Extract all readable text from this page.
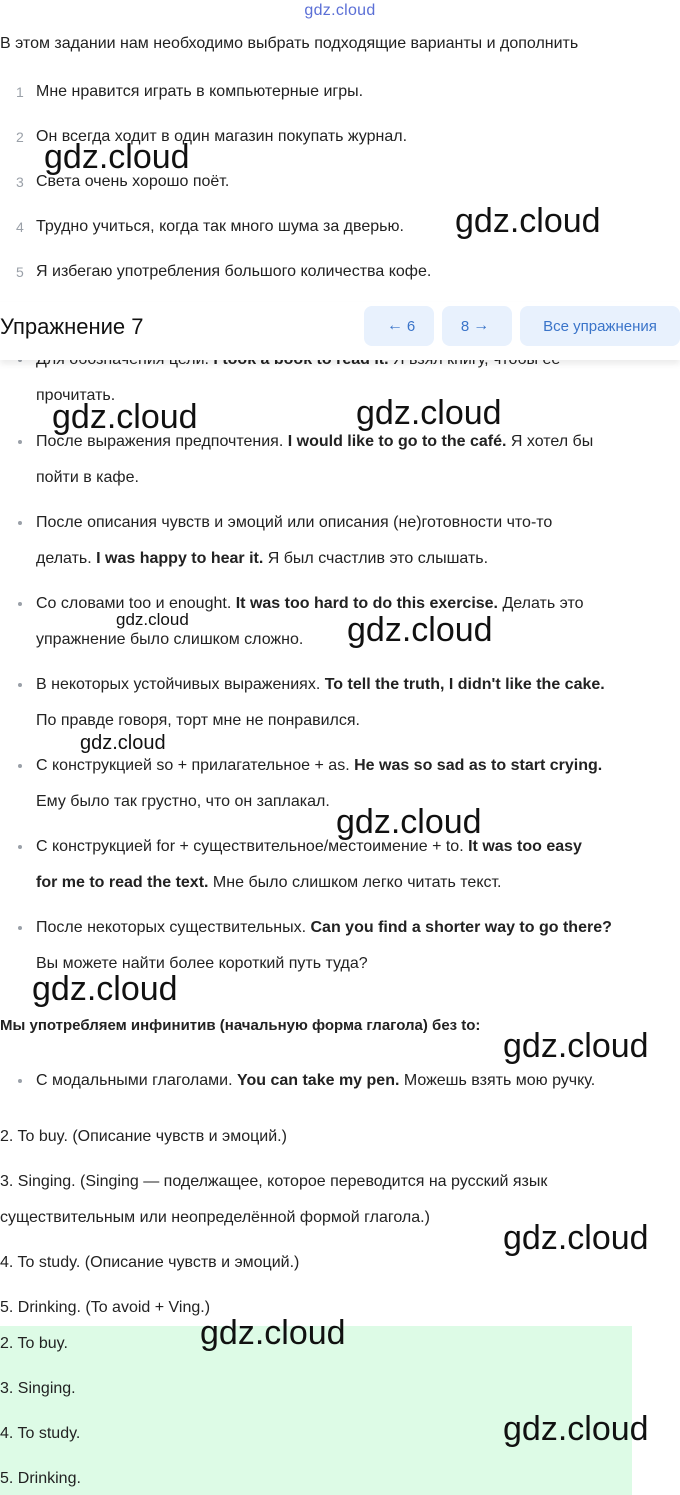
gdz.cloud
В этом задании нам необходимо выбрать подходящие варианты и дополнить
1 Мне нравится играть в компьютерные игры.
2 Он всегда ходит в один магазин покупать журнал.
3 Света очень хорошо поёт.
4 Трудно учиться, когда так много шума за дверью.
5 Я избегаю употребления большого количества кофе.
Упражнение 7	← 6	8 →	Все упражнения

прочитать.
После выражения предпочтения. I would like to go to the café. Я хотел бы
пойти в кафе.
После описания чувств и эмоций или описания (не)готовности что-то
делать. I was happy to hear it. Я был счастлив это слышать.
Со словами too и enought. It was too hard to do this exercise. Делать это
упражнение было слишком сложно.
В некоторых устойчивых выражениях. To tell the truth, I didn't like the cake.
По правде говоря, торт мне не понравился.
С конструкцией so + прилагательное + as. He was so sad as to start crying.
Ему было так грустно, что он заплакал.
С конструкцией for + существительное/местоимение + to. It was too easy
for me to read the text. Мне было слишком легко читать текст.
После некоторых существительных. Can you find a shorter way to go there?
Вы можете найти более короткий путь туда?
Мы употребляем инфинитив (начальную форма глагола) без to:
С модальными глаголами. You can take my pen. Можешь взять мою ручку.
2. To buy. (Описание чувств и эмоций.)
3. Singing. (Singing — поделжащее, которое переводится на русский язык
существительным или неопределённой формой глагола.)
4. To study. (Описание чувств и эмоций.)
5. Drinking. (To avoid + Ving.)
2. To buy.
3. Singing.
4. To study.
5. Drinking.
gdz.cloud
gdz.cloud
gdz.cloud	gdz.cloud
gdz.cloud	gdz.cloud
gdz.cloud
gdz.cloud
gdz.cloud
gdz.cloud
gdz.cloud
gdz.cloud
gdz.cloud
